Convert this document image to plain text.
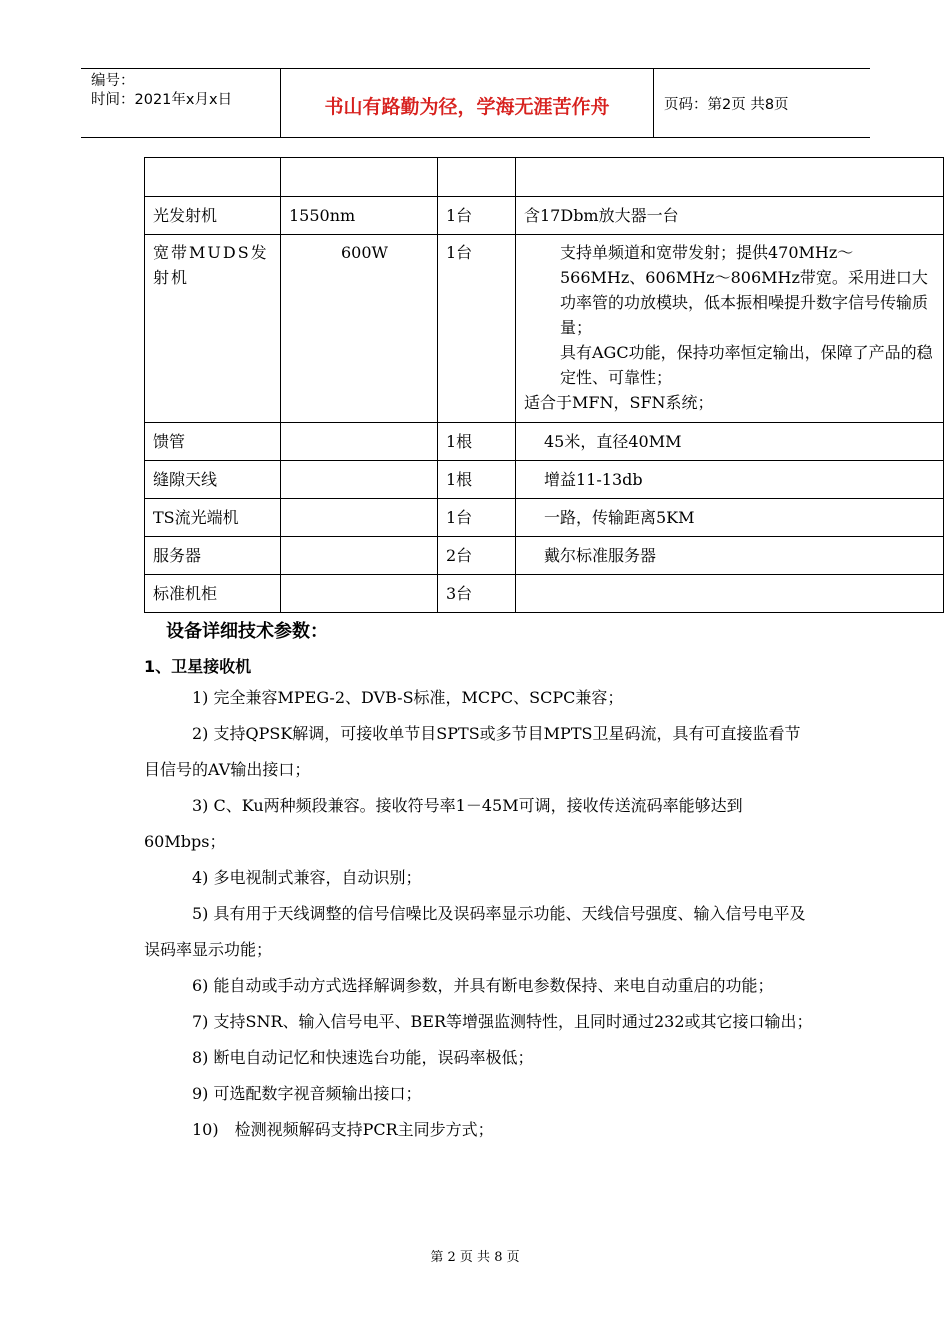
编号：
时间：2021年x月x日	书山有路勤为径，学海无涯苦作舟	页码：第2页 共8页

光发射机	1550nm	1台	含17Dbm放大器一台

宽带MUDS发射机	600W	1台	支持单频道和宽带发射；提供470MHz～566MHz、606MHz～806MHz带宽。采用进口大功率管的功放模块，低本振相噪提升数字信号传输质量；
具有AGC功能，保持功率恒定输出，保障了产品的稳定性、可靠性；
适合于MFN，SFN系统；

馈管		1根	45米，直径40MM

缝隙天线		1根	增益11-13db

TS流光端机		1台	一路，传输距离5KM

服务器		2台	戴尔标准服务器

标准机柜		3台	
设备详细技术参数：
1、卫星接收机

1) 完全兼容MPEG-2、DVB-S标准，MCPC、SCPC兼容；

2) 支持QPSK解调，可接收单节目SPTS或多节目MPTS卫星码流，具有可直接监看节目信号的AV输出接口；

3) C、Ku两种频段兼容。接收符号率1－45M可调，接收传送流码率能够达到60Mbps；

4) 多电视制式兼容，自动识别；

5) 具有用于天线调整的信号信噪比及误码率显示功能、天线信号强度、输入信号电平及误码率显示功能；

6) 能自动或手动方式选择解调参数，并具有断电参数保持、来电自动重启的功能；

7) 支持SNR、输入信号电平、BER等增强监测特性，且同时通过232或其它接口输出；

8) 断电自动记忆和快速选台功能，误码率极低；

9) 可选配数字视音频输出接口；

10)　检测视频解码支持PCR主同步方式；

第 2 页 共 8 页
